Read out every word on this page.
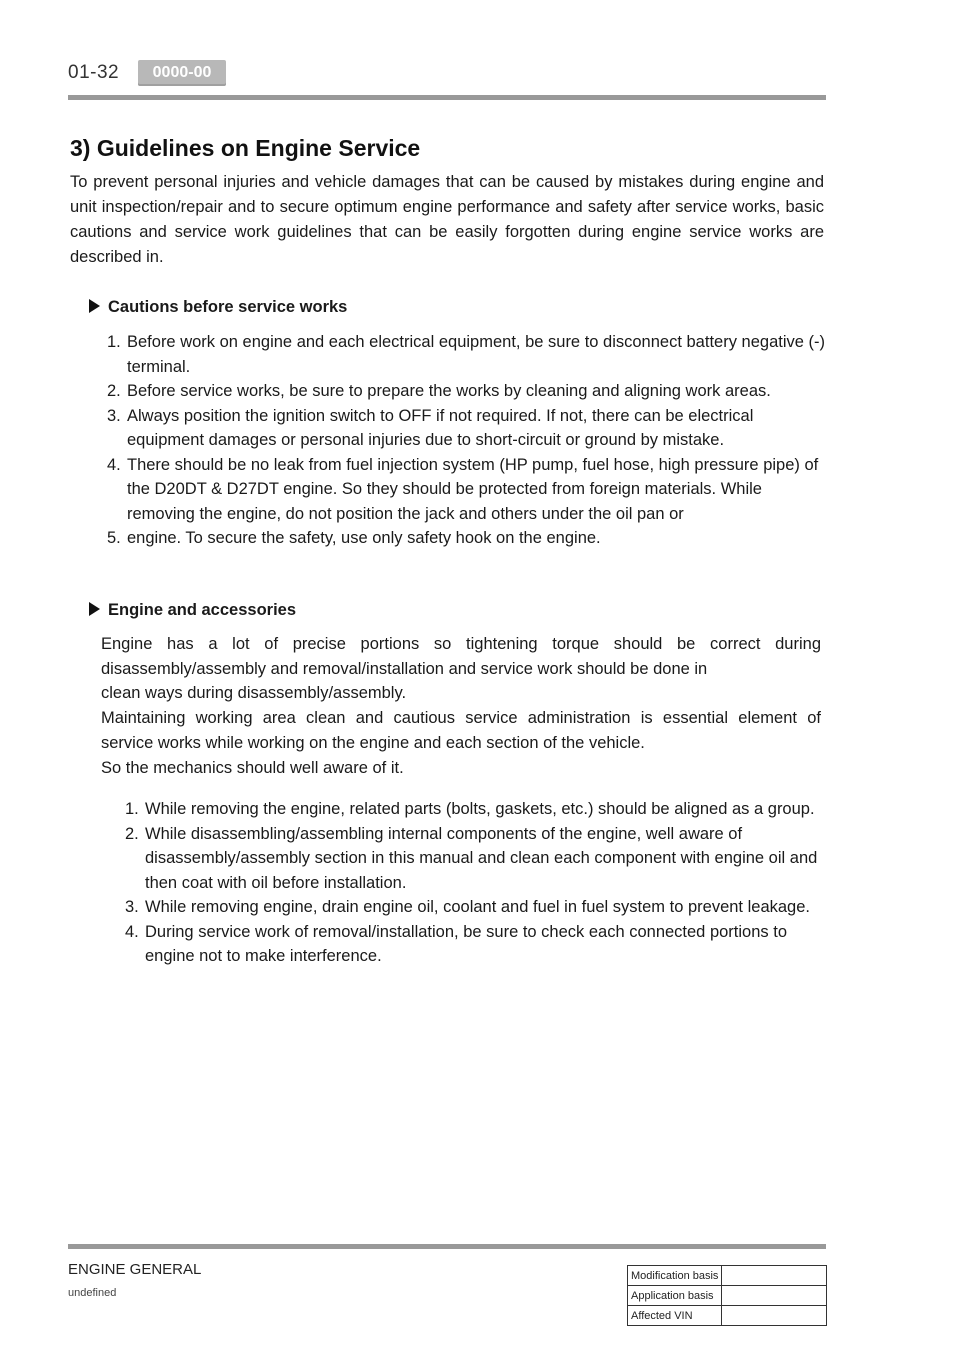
01-32	0000-00
3) Guidelines on Engine Service

To prevent personal injuries and vehicle damages that can be caused by mistakes during engine and unit inspection/repair and to secure optimum engine performance and safety after service works, basic cautions and service work guidelines that can be easily forgotten during engine service works are described in.

Cautions before service works
1. Before work on engine and each electrical equipment, be sure to disconnect battery negative (-) terminal.
2. Before service works, be sure to prepare the works by cleaning and aligning work areas.
3. Always position the ignition switch to OFF if not required. If not, there can be electrical equipment damages or personal injuries due to short-circuit or ground by mistake.
4. There should be no leak from fuel injection system (HP pump, fuel hose, high pressure pipe) of the D20DT & D27DT engine. So they should be protected from foreign materials. While removing the engine, do not position the jack and others under the oil pan or
5. engine. To secure the safety, use only safety hook on the engine.
Engine and accessories

Engine has a lot of precise portions so tightening torque should be correct during
disassembly/assembly and removal/installation and service work should be done in
clean ways during disassembly/assembly.
Maintaining working area clean and cautious service administration is essential element of
service works while working on the engine and each section of the vehicle.
So the mechanics should well aware of it.

1. While removing the engine, related parts (bolts, gaskets, etc.) should be aligned as a group.
2. While disassembling/assembling internal components of the engine, well aware of disassembly/assembly section in this manual and clean each component with engine oil and then coat with oil before installation.
3. While removing engine, drain engine oil, coolant and fuel in fuel system to prevent leakage.
4. During service work of removal/installation, be sure to check each connected portions to engine not to make interference.
ENGINE GENERAL
undefined
Modification basis	
Application basis	
Affected VIN	
